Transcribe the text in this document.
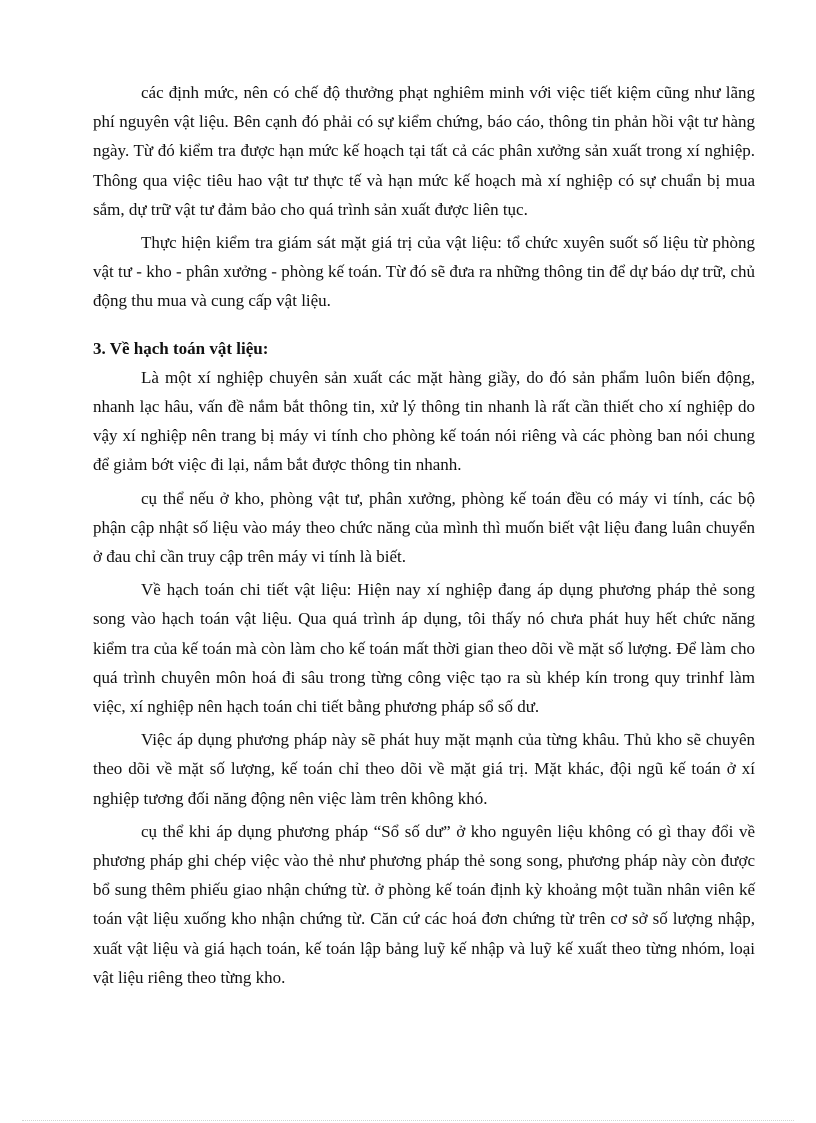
các định mức, nên có chế độ thưởng phạt nghiêm minh với việc tiết kiệm cũng như lãng phí nguyên vật liệu. Bên cạnh đó phải có sự kiểm chứng, báo cáo, thông tin phản hồi vật tư hàng ngày. Từ đó kiểm tra được hạn mức kế hoạch tại tất cả các phân xưởng sản xuất trong xí nghiệp. Thông qua việc tiêu hao vật tư thực tế và hạn mức kế hoạch mà xí nghiệp có sự chuẩn bị mua sắm, dự trữ vật tư đảm bảo cho quá trình sản xuất được liên tục.

Thực hiện kiểm tra giám sát mặt giá trị của vật liệu: tổ chức xuyên suốt số liệu từ phòng vật tư - kho - phân xưởng - phòng kế toán. Từ đó sẽ đưa ra những thông tin để dự báo dự trữ, chủ động thu mua và cung cấp vật liệu.

3. Về hạch toán vật liệu:

Là một xí nghiệp chuyên sản xuất các mặt hàng giầy, do đó sản phẩm luôn biến động, nhanh lạc hâu, vấn đề nắm bắt thông tin, xử lý thông tin nhanh là rất cần thiết cho xí nghiệp do vậy xí nghiệp nên trang bị máy vi tính cho phòng kế toán nói riêng và các phòng ban nói chung để giảm bớt việc đi lại, nắm bắt được thông tin nhanh.

cụ thể nếu ở kho, phòng vật tư, phân xưởng, phòng kế toán đều có máy vi tính, các bộ phận cập nhật số liệu vào máy theo chức năng của mình thì muốn biết vật liệu đang luân chuyển ở đau chỉ cần truy cập trên máy vi tính là biết.

Về hạch toán chi tiết vật liệu: Hiện nay xí nghiệp đang áp dụng phương pháp thẻ song song vào hạch toán vật liệu. Qua quá trình áp dụng, tôi thấy nó chưa phát huy hết chức năng kiểm tra của kế toán mà còn làm cho kế toán mất thời gian theo dõi về mặt số lượng. Để làm cho quá trình chuyên môn hoá đi sâu trong từng công việc tạo ra sù khép kín trong quy trinhf làm việc, xí nghiệp nên hạch toán chi tiết bằng phương pháp sổ số dư.

Việc áp dụng phương pháp này sẽ phát huy mặt mạnh của từng khâu. Thủ kho sẽ chuyên theo dõi về mặt số lượng, kế toán chỉ theo dõi về mặt giá trị. Mặt khác, đội ngũ kế toán ở xí nghiệp tương đối năng động nên việc làm trên không khó.

cụ thể khi áp dụng phương pháp “Sổ số dư” ở kho nguyên liệu không có gì thay đổi về phương pháp ghi chép việc vào thẻ như phương pháp thẻ song song, phương pháp này còn được bổ sung thêm phiếu giao nhận chứng từ. ở phòng kế toán định kỳ khoảng một tuần nhân viên kế toán vật liệu xuống kho nhận chứng từ. Căn cứ các hoá đơn chứng từ trên cơ sở số lượng nhập, xuất vật liệu và giá hạch toán, kế toán lập bảng luỹ kế nhập và luỹ kế xuất theo từng nhóm, loại vật liệu riêng theo từng kho.
